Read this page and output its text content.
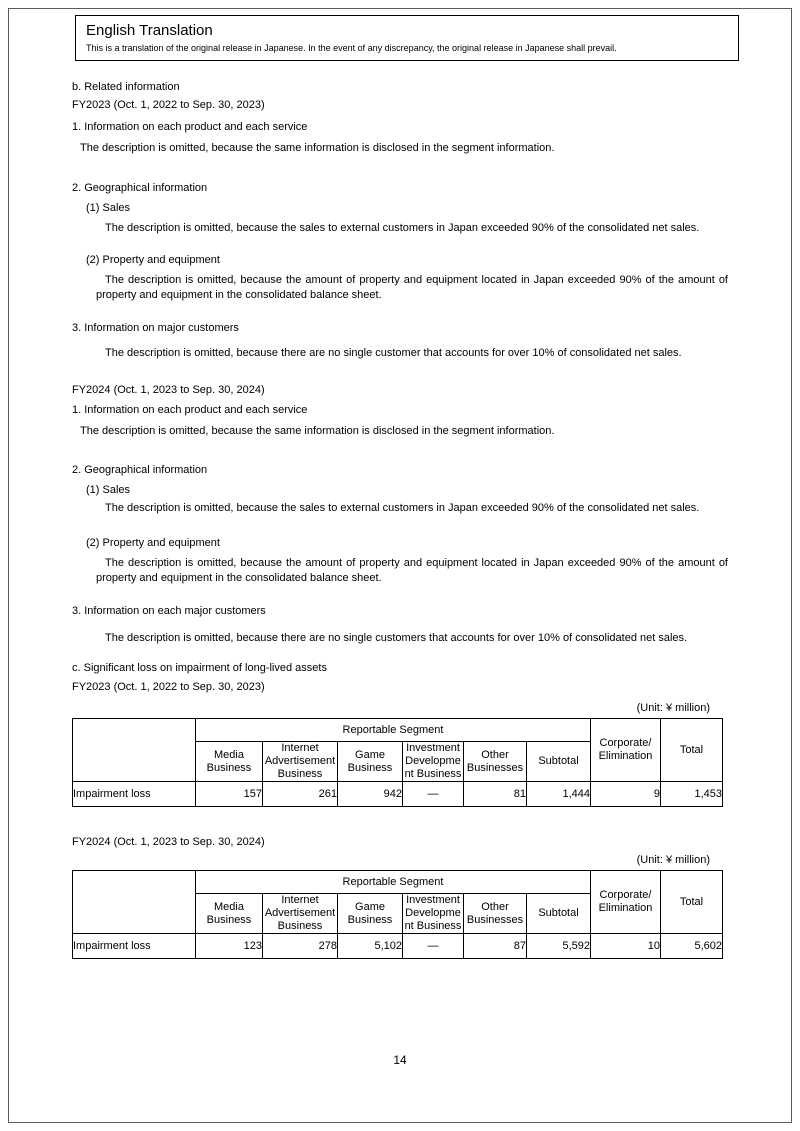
English Translation
This is a translation of the original release in Japanese. In the event of any discrepancy, the original release in Japanese shall prevail.

b. Related information

FY2023 (Oct. 1, 2022 to Sep. 30, 2023)

1. Information on each product and each service

The description is omitted, because the same information is disclosed in the segment information.

2. Geographical information

(1) Sales

The description is omitted, because the sales to external customers in Japan exceeded 90% of the consolidated net sales.

(2) Property and equipment

The description is omitted, because the amount of property and equipment located in Japan exceeded 90% of the amount of property and equipment in the consolidated balance sheet.

3. Information on major customers

The description is omitted, because there are no single customer that accounts for over 10% of consolidated net sales.

FY2024 (Oct. 1, 2023 to Sep. 30, 2024)

1. Information on each product and each service

The description is omitted, because the same information is disclosed in the segment information.

2. Geographical information

(1) Sales

The description is omitted, because the sales to external customers in Japan exceeded 90% of the consolidated net sales.

(2) Property and equipment

The description is omitted, because the amount of property and equipment located in Japan exceeded 90% of the amount of property and equipment in the consolidated balance sheet.

3. Information on each major customers

The description is omitted, because there are no single customers that accounts for over 10% of consolidated net sales.

c. Significant loss on impairment of long-lived assets

FY2023 (Oct. 1, 2022 to Sep. 30, 2023)

(Unit: ¥ million)

	Reportable Segment						Corporate/ Elimination	Total
	Media Business	Internet Advertisement Business	Game Business	Investment Development Business	Other Businesses	Subtotal		
Impairment loss	157	261	942	—	81	1,444	9	1,453

FY2024 (Oct. 1, 2023 to Sep. 30, 2024)

(Unit: ¥ million)

	Reportable Segment						Corporate/ Elimination	Total
	Media Business	Internet Advertisement Business	Game Business	Investment Development Business	Other Businesses	Subtotal		
Impairment loss	123	278	5,102	—	87	5,592	10	5,602
14
